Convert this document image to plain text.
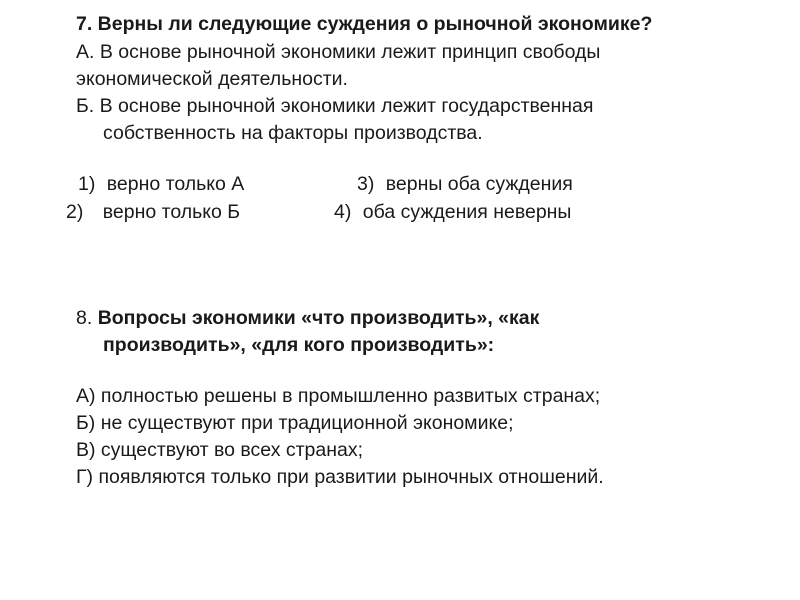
7. Верны ли следующие суждения о рыночной экономике?
А. В основе рыночной экономики лежит принцип свободы
экономической деятельности.
Б. В основе рыночной экономики лежит государственная
собственность на факторы производства.
1) верно только А
2) верно только Б
3) верны оба суждения
4) оба суждения неверны
8. Вопросы экономики «что производить», «как
производить», «для кого производить»:
А) полностью решены в промышленно развитых странах;
Б) не существуют при традиционной экономике;
В) существуют во всех странах;
Г) появляются только при развитии рыночных отношений.
